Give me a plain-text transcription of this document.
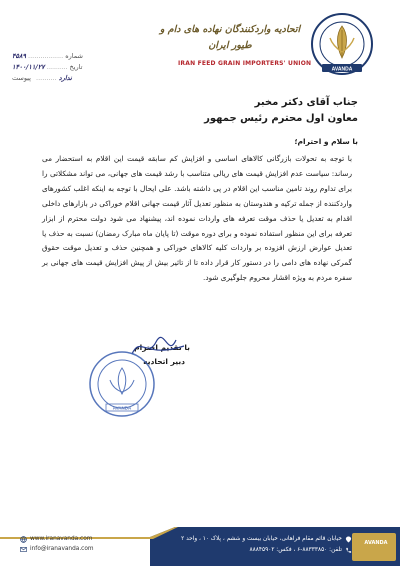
۴۵۸۹ ................. شماره
۱۴۰۰/۱۱/۲۷ .......... تاریخ
ندارد .......... پیوست
اتحادیه واردکنندگان نهاده های دام و طیور ایران
IRAN FEED GRAIN IMPORTERS' UNION
AVANDA
جناب آقای دکتر مخبر
معاون اول محترم رئیس جمهور
با سلام و احترام؛

با توجه به تحولات بازرگانی کالاهای اساسی و افزایش کم سابقه قیمت این اقلام به استحضار می رساند: سیاست عدم افزایش قیمت های ریالی متناسب با رشد قیمت های جهانی، می تواند مشکلاتی را برای تداوم روند تامین مناسب این اقلام در پی داشته باشد. علی ایحال با توجه به اینکه اغلب کشورهای واردکننده از جمله ترکیه و هندوستان به منظور تعدیل آثار قیمت جهانی اقلام خوراکی در بازارهای داخلی اقدام به تعدیل یا حذف موقت تعرفه های واردات نموده اند، پیشنهاد می شود دولت محترم از ابزار تعرفه برای این منظور استفاده نموده و برای دوره موقت (تا پایان ماه مبارک رمضان) نسبت به حذف یا تعدیل عوارض ارزش افزوده بر واردات کلیه کالاهای خوراکی و همچنین حذف و تعدیل موقت حقوق گمرکی نهاده های دامی را در دستور کار قرار داده تا از تاثیر بیش از پیش افزایش قیمت های جهانی بر سفره مردم به ویژه اقشار محروم جلوگیری شود.

با تقدیم احترام
دبیر اتحادیه
AVANDA
خیابان قائم مقام فراهانی، خیابان بیست و ششم ، پلاک ۱۰ ، واحد ۲
تلفن: ۸۸۳۳۳۸۵۰-۶ ، فکس: ۸۸۸۴۵۹۰۲
www.iranavanda.com
info@iranavanda.com
AVANDA
